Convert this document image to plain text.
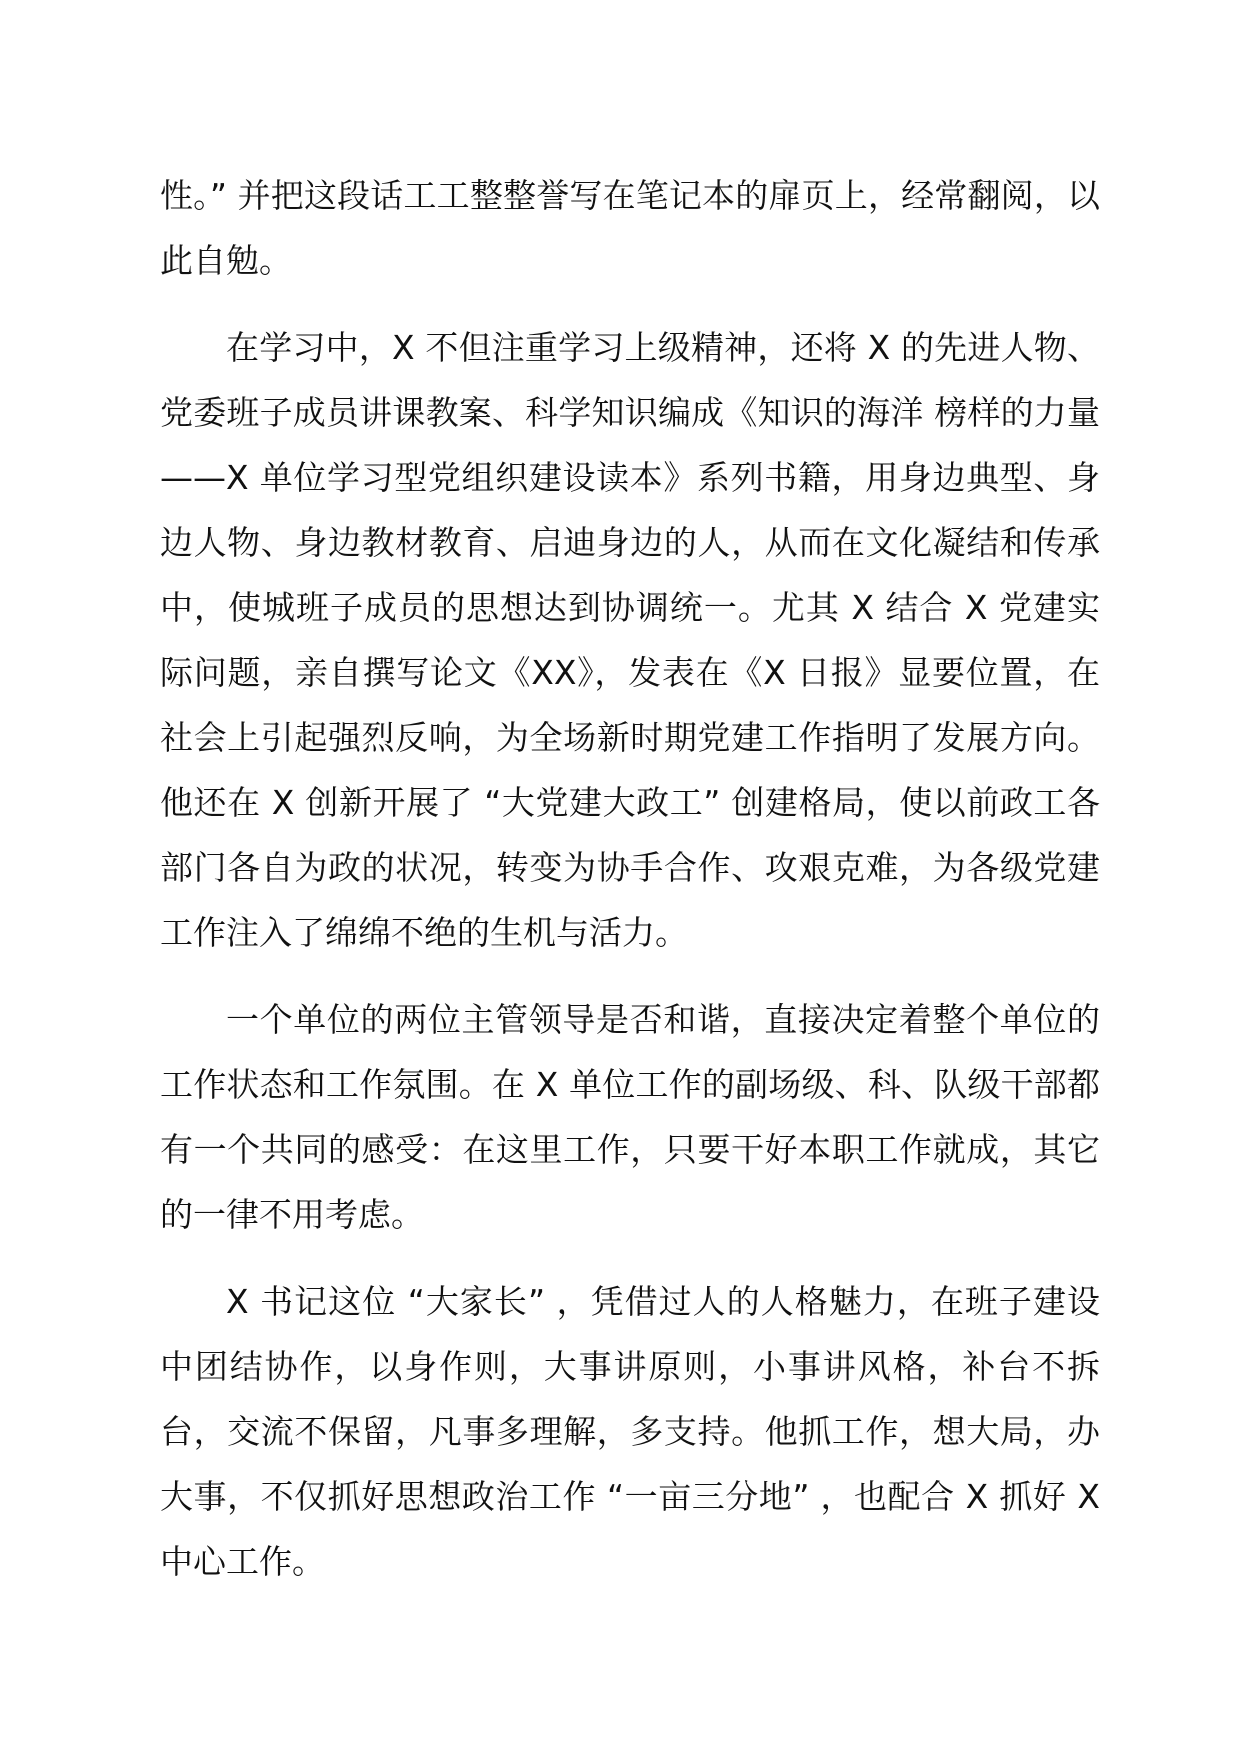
性。” 并把这段话工工整整誉写在笔记本的扉页上，经常翻阅，以此自勉。

在学习中，X 不但注重学习上级精神，还将 X 的先进人物、党委班子成员讲课教案、科学知识编成《知识的海洋 榜样的力量——X 单位学习型党组织建设读本》系列书籍，用身边典型、身边人物、身边教材教育、启迪身边的人，从而在文化凝结和传承中，使城班子成员的思想达到协调统一。尤其 X 结合 X 党建实际问题，亲自撰写论文《XX》，发表在《X 日报》显要位置，在社会上引起强烈反响，为全场新时期党建工作指明了发展方向。他还在 X 创新开展了 “大党建大政工” 创建格局，使以前政工各部门各自为政的状况，转变为协手合作、攻艰克难，为各级党建工作注入了绵绵不绝的生机与活力。

一个单位的两位主管领导是否和谐，直接决定着整个单位的工作状态和工作氛围。在 X 单位工作的副场级、科、队级干部都有一个共同的感受：在这里工作，只要干好本职工作就成，其它的一律不用考虑。

X 书记这位 “大家长” ，凭借过人的人格魅力，在班子建设中团结协作，以身作则，大事讲原则，小事讲风格，补台不拆台，交流不保留，凡事多理解，多支持。他抓工作，想大局，办大事，不仅抓好思想政治工作 “一亩三分地” ，也配合 X 抓好 X 中心工作。
